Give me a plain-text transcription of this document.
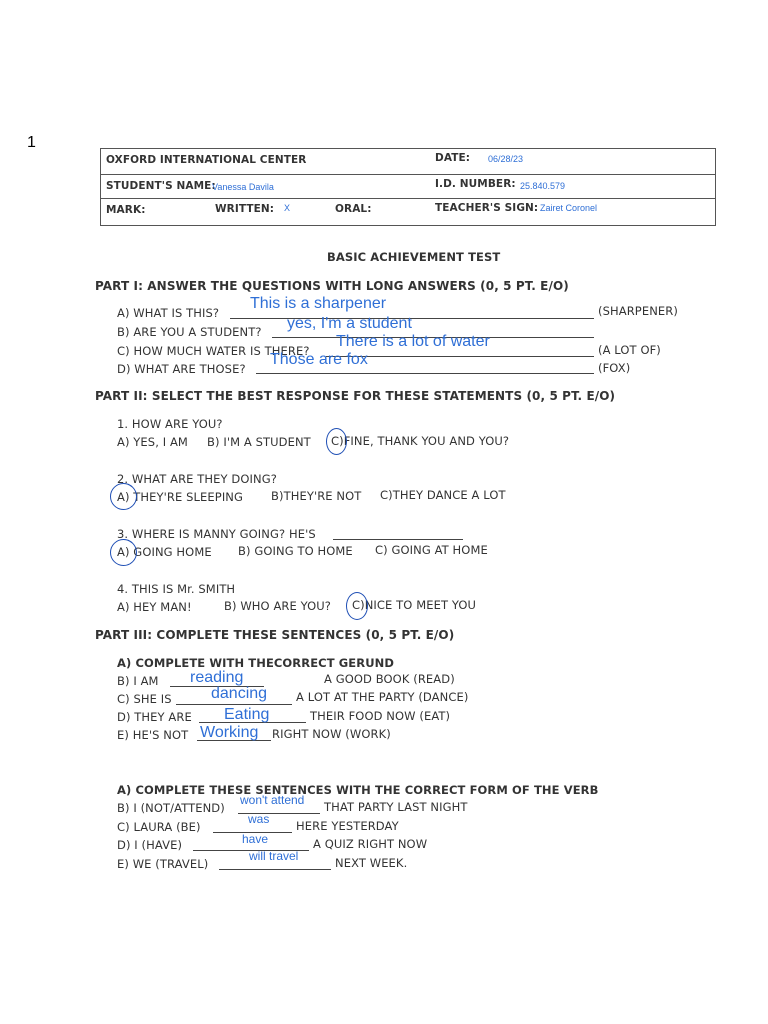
1
OXFORD INTERNATIONAL CENTER	DATE: 06/28/23
STUDENT'S NAME:
Vanessa Davila	I.D. NUMBER: 25.840.579
MARK:	WRITTEN: X	ORAL:	TEACHER'S SIGN: Zairet Coronel
BASIC ACHIEVEMENT TEST
PART I: ANSWER THE QUESTIONS WITH LONG ANSWERS (0, 5 PT. E/O)
A) WHAT IS THIS?
This is a sharpener	(SHARPENER)
B) ARE YOU A STUDENT? yes, I'm a student
C) HOW MUCH WATER IS THERE?
There is a lot of water	(A LOT OF)
D) WHAT ARE THOSE?
Those are fox	(FOX)
PART II: SELECT THE BEST RESPONSE FOR THESE STATEMENTS (0, 5 PT. E/O)
1. HOW ARE YOU?
A) YES, I AM B) I'M A STUDENT C)FINE, THANK YOU AND YOU?
2. WHAT ARE THEY DOING?
A) THEY'RE SLEEPING B)THEY'RE NOT C)THEY DANCE A LOT
3. WHERE IS MANNY GOING? HE'S
A) GOING HOME B) GOING TO HOME C) GOING AT HOME
4. THIS IS Mr. SMITH
A) HEY MAN!	B) WHO ARE YOU? C)NICE TO MEET YOU
PART III: COMPLETE THESE SENTENCES (0, 5 PT. E/O)
A) COMPLETE WITH THECORRECT GERUND
B) I AM reading	A GOOD BOOK (READ)
C) SHE IS dancing	A LOT AT THE PARTY (DANCE)
D) THEY ARE Eating	THEIR FOOD NOW (EAT)
E) HE'S NOT Working RIGHT NOW (WORK)
A) COMPLETE THESE SENTENCES WITH THE CORRECT FORM OF THE VERB
B) I (NOT/ATTEND)
won't attend THAT PARTY LAST NIGHT
C) LAURA (BE)
was HERE YESTERDAY
D) I (HAVE)	have	A QUIZ RIGHT NOW
E) WE (TRAVEL)
will travel	NEXT WEEK.
